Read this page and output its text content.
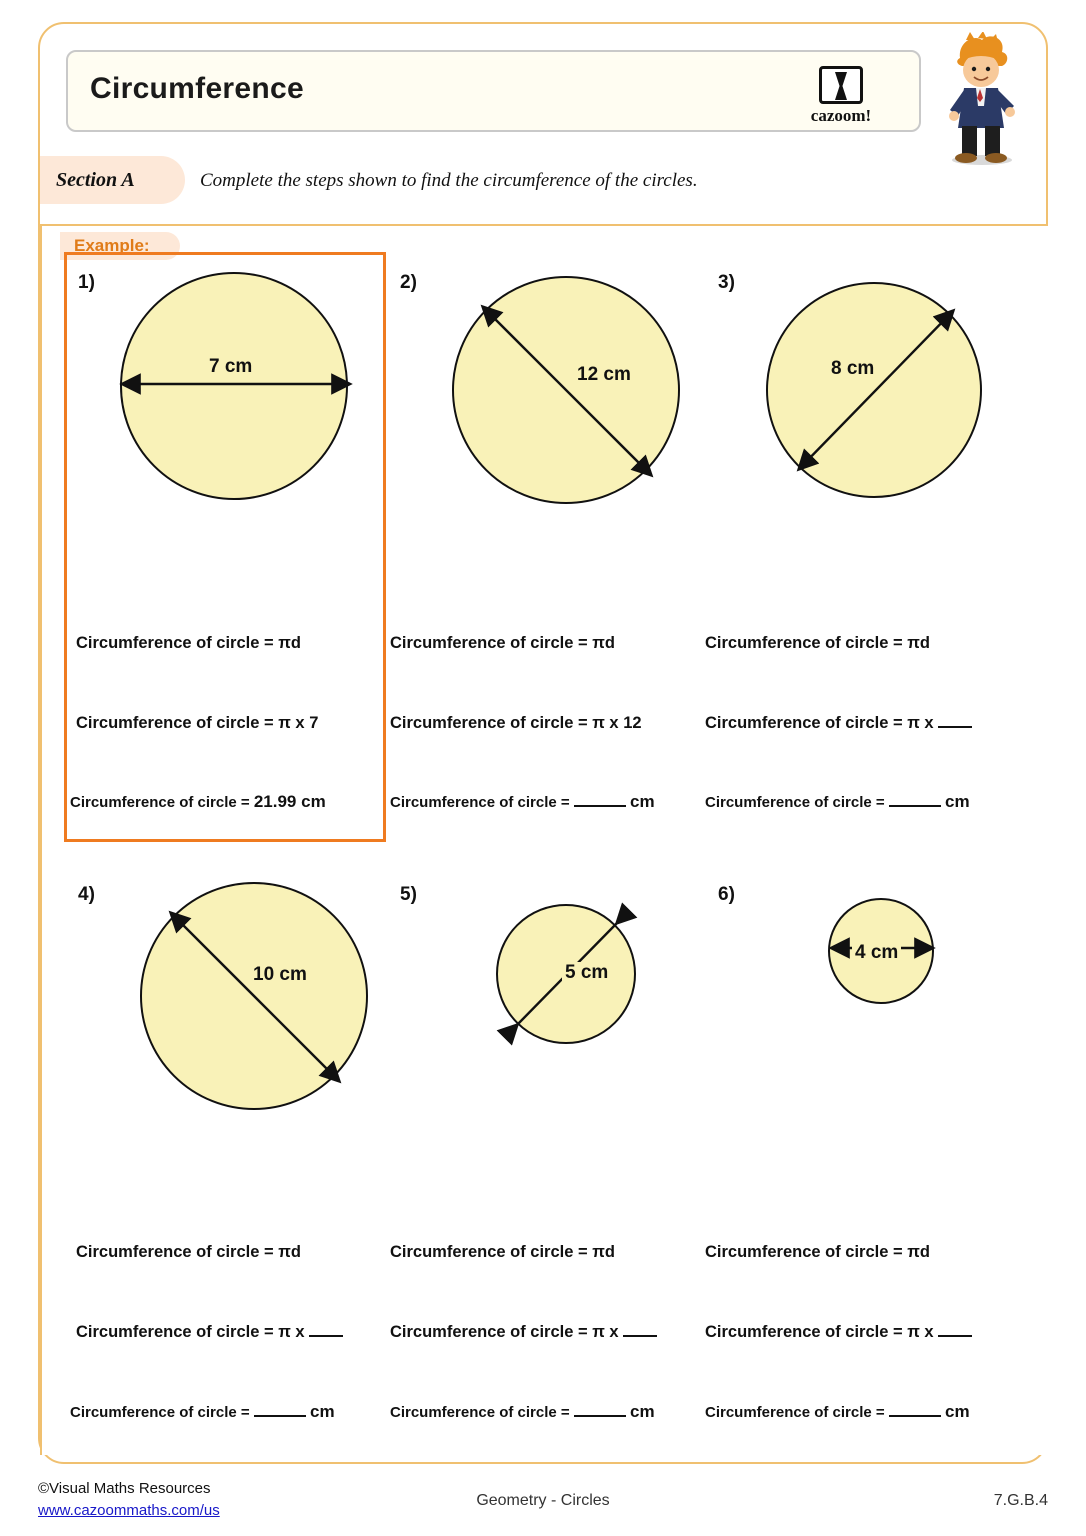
Circumference
cazoom!
Section A	Complete the steps shown to find the circumference of the circles.
Example:
1)
7 cm
Circumference of circle = πd
Circumference of circle = π x 7
Circumference of circle = 21.99 cm
2)
12 cm
Circumference of circle = πd
Circumference of circle = π x 12
Circumference of circle =	cm
3)
8 cm
Circumference of circle = πd
Circumference of circle = π x
Circumference of circle =	cm
4)
10 cm
Circumference of circle = πd
Circumference of circle = π x
Circumference of circle =	cm
5)
5 cm
Circumference of circle = πd
Circumference of circle = π x
Circumference of circle =	cm
6)
4 cm
Circumference of circle = πd
Circumference of circle = π x
Circumference of circle =	cm
©Visual Maths Resources
www.cazoommaths.com/us
Geometry - Circles	7.G.B.4
